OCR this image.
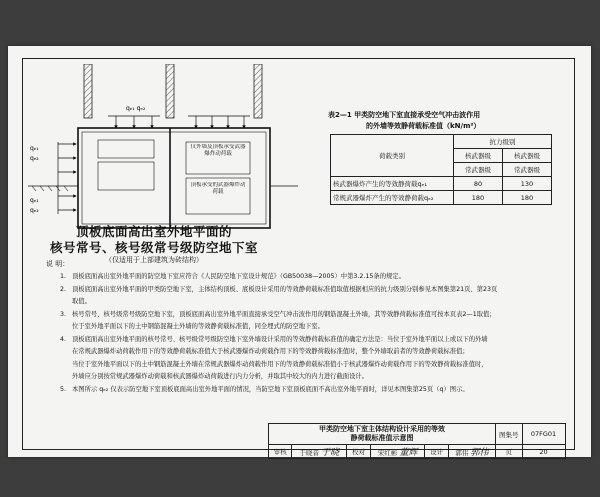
qₑ₁ qₑ₂
qₑ₁
qₑ₂
qₑ₁
qₑ₂
仅外墙及顶板承受武器爆炸动荷载
顶板承受的武器爆炸动荷载
顶板底面高出室外地平面的
核号常号、核号级常号级防空地下室
（仅适用于上部建筑为砖结构）
表2—1 甲类防空地下室直接承受空气冲击波作用
的外墙等效静荷载标准值（kN/m²）
荷载类别	抗力级别	
	核武器级	核武器级
	常武器级	常武器级
核武器爆炸产生的等效静荷载qₑ₁	80	130
常规武器爆炸产生的等效静荷载qₑ₂	180	180
说 明：
1. 顶板底面高出室外地平面的防空地下室应符合《人民防空地下室设计规范》（GB50038—2005）中第3.2.15条的规定。
2. 顶板底面高出室外地平面的甲类防空地下室，主体结构顶板、底板设计采用的等效静荷载标准值取值根据相应的抗力级别分别参见本图集第21页、第23页
取值。
3. 核号常号、核号级常号级防空地下室，顶板底面高出室外地平面直接承受空气冲击波作用的钢筋混凝土外墙，其等效静荷载标准值可按本页表2—1取值；
位于室外地平面以下的土中钢筋混凝土外墙的等效静荷载标准值，同全埋式的防空地下室。
4. 顶板底面高出室外地平面的核号常号、核号级常号级防空地下室外墙设计采用的等效静荷载标准值的确定方法是：当位于室外地平面以上或以下的外墙
在常规武器爆炸动荷载作用下的等效静荷载标准值大于核武器爆炸动荷载作用下的等效静荷载标准值时，整个外墙取前者的等效静荷载标准值；
当位于室外地平面以下的土中钢筋混凝土外墙在常规武器爆炸动荷载作用下的等效静荷载标准值小于核武器爆炸动荷载作用下的等效静荷载标准值时，
外墙应分别按常规武器爆炸动荷载和核武器爆炸动荷载进行内力分析，并取其中较大的内力进行截面设计。
5. 本图所示 qₑ₂ 仅表示防空地下室顶板底面高出室外地平面的情况，当防空地下室顶板底面不高出室外地平面时，详见本图集第25页（q）图示。
甲类防空地下室主体结构设计采用的等效
静荷载标准值示意图						图集号	07FG01
审核	于晓音 于晓	校对	宋红彬 董辉	设计	郭伟 郭伟	页	20
